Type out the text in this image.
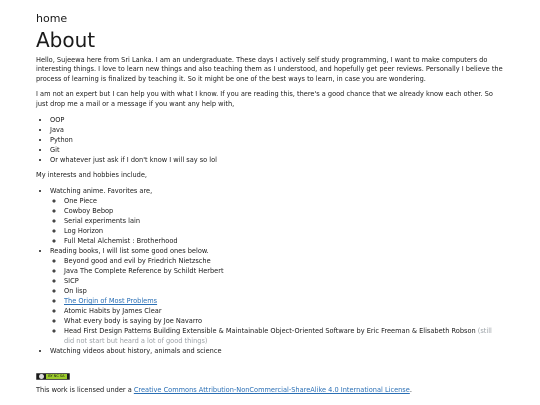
home

About

Hello, Sujeewa here from Sri Lanka. I am an undergraduate. These days I actively self study programming, I want to make computers do interesting things. I love to learn new things and also teaching them as I understood, and hopefully get peer reviews. Personally I believe the process of learning is finalized by teaching it. So it might be one of the best ways to learn, in case you are wondering.

I am not an expert but I can help you with what I know. If you are reading this, there's a good chance that we already know each other. So just drop me a mail or a message if you want any help with,

• OOP
• Java
• Python
• Git
• Or whatever just ask if I don't know I will say so lol

My interests and hobbies include,

• Watching anime. Favorites are,
◦ One Piece
◦ Cowboy Bebop
◦ Serial experiments lain
◦ Log Horizon
◦ Full Metal Alchemist : Brotherhood
• Reading books, I will list some good ones below.
◦ Beyond good and evil by Friedrich Nietzsche
◦ Java The Complete Reference by Schildt Herbert
◦ SICP
◦ On lisp
◦ The Origin of Most Problems
◦ Atomic Habits by James Clear
◦ What every body is saying by Joe Navarro
◦ Head First Design Patterns Building Extensible & Maintainable Object-Oriented Software by Eric Freeman & Elisabeth Robson (still did not start but heard a lot of good things)
• Watching videos about history, animals and science
BY NC SA
This work is licensed under a Creative Commons Attribution-NonCommercial-ShareAlike 4.0 International License.
